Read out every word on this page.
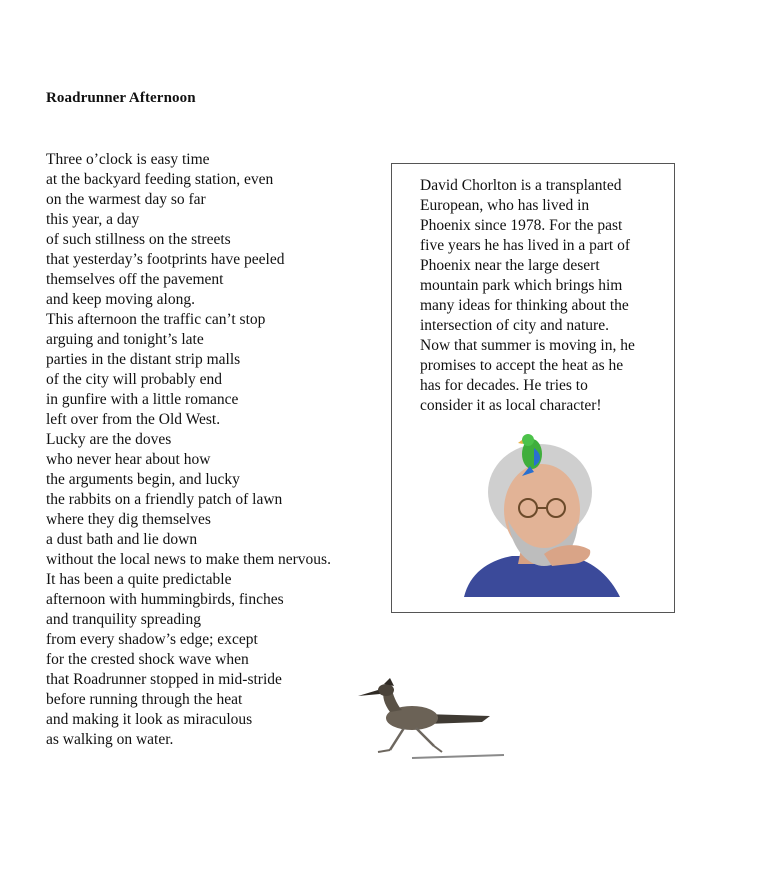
Roadrunner Afternoon
Three o’clock is easy time
at the backyard feeding station, even
on the warmest day so far
this year, a day
of such stillness on the streets
that yesterday’s footprints have peeled
themselves off the pavement
and keep moving along.
This afternoon the traffic can’t stop
arguing and tonight’s late
parties in the distant strip malls
of the city will probably end
in gunfire with a little romance
left over from the Old West.
Lucky are the doves
who never hear about how
the arguments begin, and lucky
the rabbits on a friendly patch of lawn
where they dig themselves
a dust bath and lie down
without the local news to make them nervous.
It has been a quite predictable
afternoon with hummingbirds, finches
and tranquility spreading
from every shadow’s edge; except
for the crested shock wave when
that Roadrunner stopped in mid-stride
before running through the heat
and making it look as miraculous
as walking on water.
David Chorlton is a transplanted
European, who has lived in
Phoenix since 1978. For the past
five years he has lived in a part of
Phoenix near the large desert
mountain park which brings him
many ideas for thinking about the
intersection of city and nature.
Now that summer is moving in, he
promises to accept the heat as he
has for decades. He tries to
consider it as local character!
